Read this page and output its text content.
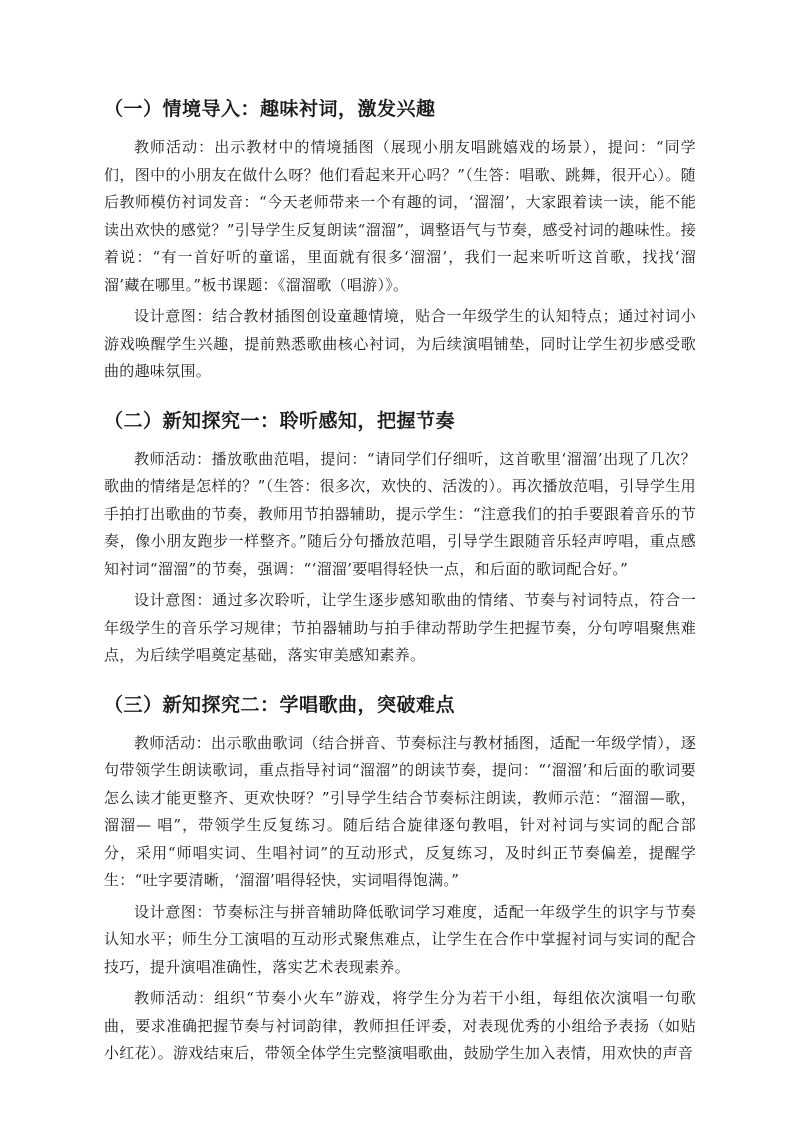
（一）情境导入：趣味衬词，激发兴趣

教师活动：出示教材中的情境插图（展现小朋友唱跳嬉戏的场景），提问：“同学们，图中的小朋友在做什么呀？他们看起来开心吗？”（生答：唱歌、跳舞，很开心）。随后教师模仿衬词发音：“今天老师带来一个有趣的词，‘溜溜’，大家跟着读一读，能不能读出欢快的感觉？”引导学生反复朗读“溜溜”，调整语气与节奏，感受衬词的趣味性。接着说：“有一首好听的童谣，里面就有很多‘溜溜’，我们一起来听听这首歌，找找‘溜溜’藏在哪里。”板书课题：《溜溜歌（唱游）》。

设计意图：结合教材插图创设童趣情境，贴合一年级学生的认知特点；通过衬词小游戏唤醒学生兴趣，提前熟悉歌曲核心衬词，为后续演唱铺垫，同时让学生初步感受歌曲的趣味氛围。

（二）新知探究一：聆听感知，把握节奏

教师活动：播放歌曲范唱，提问：“请同学们仔细听，这首歌里‘溜溜’出现了几次？歌曲的情绪是怎样的？”（生答：很多次，欢快的、活泼的）。再次播放范唱，引导学生用手拍打出歌曲的节奏，教师用节拍器辅助，提示学生：“注意我们的拍手要跟着音乐的节奏，像小朋友跑步一样整齐。”随后分句播放范唱，引导学生跟随音乐轻声哼唱，重点感知衬词“溜溜”的节奏，强调：“‘溜溜’要唱得轻快一点，和后面的歌词配合好。”

设计意图：通过多次聆听，让学生逐步感知歌曲的情绪、节奏与衬词特点，符合一年级学生的音乐学习规律；节拍器辅助与拍手律动帮助学生把握节奏，分句哼唱聚焦难点，为后续学唱奠定基础，落实审美感知素养。

（三）新知探究二：学唱歌曲，突破难点

教师活动：出示歌曲歌词（结合拼音、节奏标注与教材插图，适配一年级学情），逐句带领学生朗读歌词，重点指导衬词“溜溜”的朗读节奏，提问：“‘溜溜’和后面的歌词要怎么读才能更整齐、更欢快呀？”引导学生结合节奏标注朗读，教师示范：“溜溜—歌，溜溜— 唱”，带领学生反复练习。随后结合旋律逐句教唱，针对衬词与实词的配合部分，采用“师唱实词、生唱衬词”的互动形式，反复练习，及时纠正节奏偏差，提醒学生：“吐字要清晰，‘溜溜’唱得轻快，实词唱得饱满。”

设计意图：节奏标注与拼音辅助降低歌词学习难度，适配一年级学生的识字与节奏认知水平；师生分工演唱的互动形式聚焦难点，让学生在合作中掌握衬词与实词的配合技巧，提升演唱准确性，落实艺术表现素养。

教师活动：组织“节奏小火车”游戏，将学生分为若干小组，每组依次演唱一句歌曲，要求准确把握节奏与衬词韵律，教师担任评委，对表现优秀的小组给予表扬（如贴小红花）。游戏结束后，带领全体学生完整演唱歌曲，鼓励学生加入表情，用欢快的声音
